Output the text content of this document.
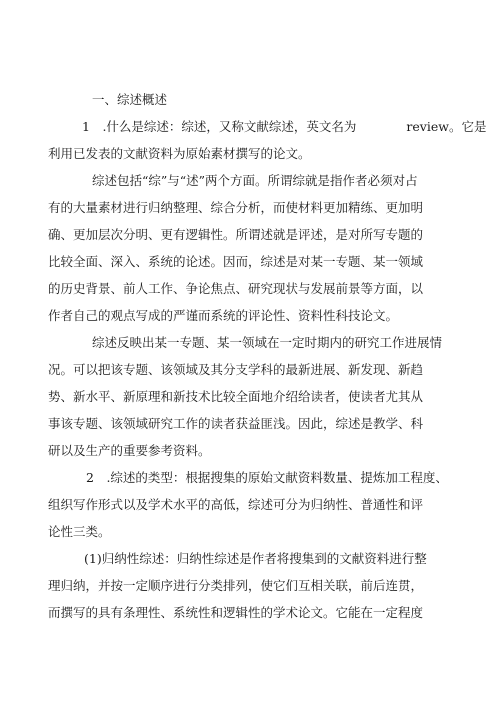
一、综述概述
1　.什么是综述：综述，又称文献综述，英文名为　　　　review。它是
利用已发表的文献资料为原始素材撰写的论文。
综述包括“综”与“述”两个方面。所谓综就是指作者必须对占
有的大量素材进行归纳整理、综合分析，而使材料更加精练、更加明
确、更加层次分明、更有逻辑性。所谓述就是评述，是对所写专题的
比较全面、深入、系统的论述。因而，综述是对某一专题、某一领域
的历史背景、前人工作、争论焦点、研究现状与发展前景等方面，以
作者自己的观点写成的严谨而系统的评论性、资料性科技论文。
综述反映出某一专题、某一领域在一定时期内的研究工作进展情
况。可以把该专题、该领域及其分支学科的最新进展、新发现、新趋
势、新水平、新原理和新技术比较全面地介绍给读者，使读者尤其从
事该专题、该领域研究工作的读者获益匪浅。因此，综述是教学、科
研以及生产的重要参考资料。
2　.综述的类型：根据搜集的原始文献资料数量、提炼加工程度、
组织写作形式以及学术水平的高低，综述可分为归纳性、普通性和评
论性三类。
(1)归纳性综述：归纳性综述是作者将搜集到的文献资料进行整
理归纳，并按一定顺序进行分类排列，使它们互相关联，前后连贯，
而撰写的具有条理性、系统性和逻辑性的学术论文。它能在一定程度
